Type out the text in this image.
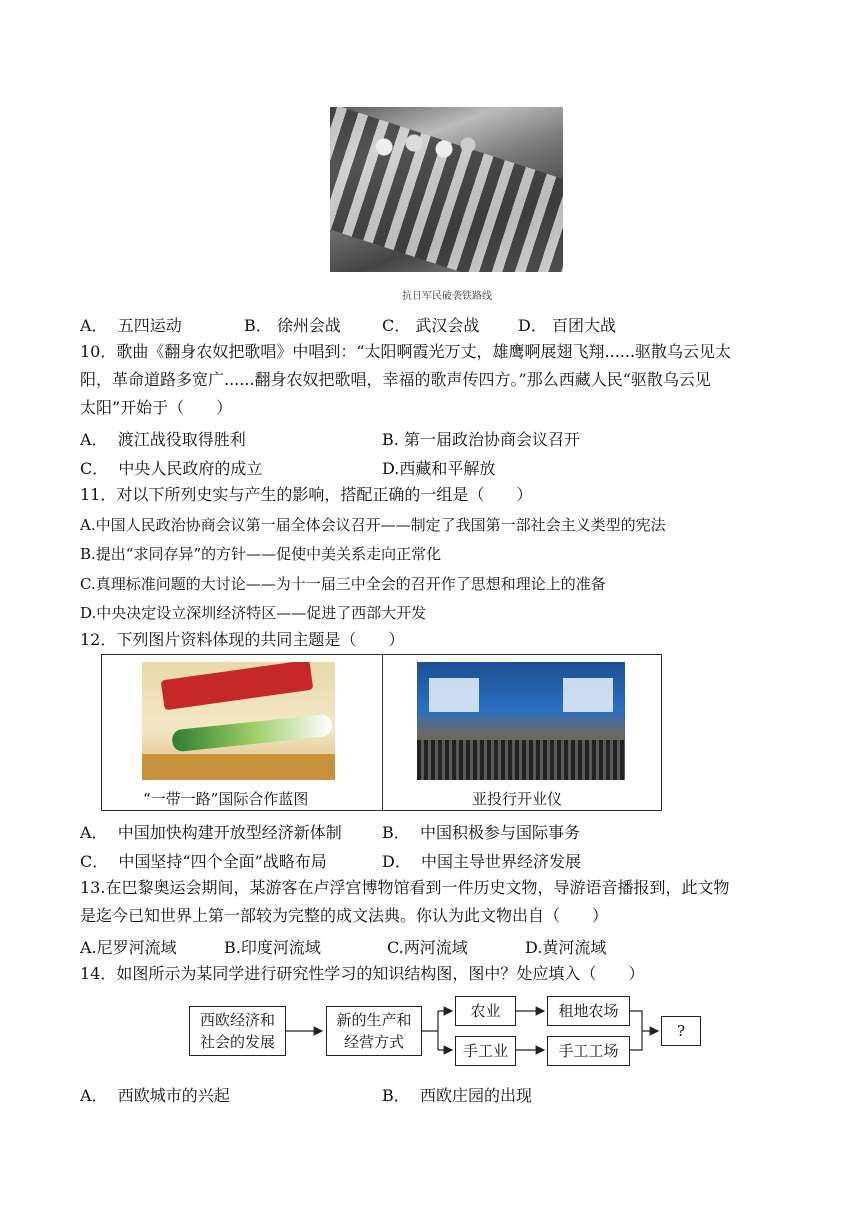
抗日军民破袭铁路线
A． 五四运动	B． 徐州会战	C． 武汉会战 D． 百团大战
10．歌曲《翻身农奴把歌唱》中唱到：“太阳啊霞光万丈，雄鹰啊展翅飞翔......驱散乌云见太
阳，革命道路多宽广......翻身农奴把歌唱，幸福的歌声传四方。”那么西藏人民“驱散乌云见
太阳”开始于（　　）
A． 渡江战役取得胜利	B. 第一届政治协商会议召开
C． 中央人民政府的成立	D.西藏和平解放
11．对以下所列史实与产生的影响，搭配正确的一组是（　　）
A.中国人民政治协商会议第一届全体会议召开——制定了我国第一部社会主义类型的宪法
B.提出“求同存异”的方针——促使中美关系走向正常化
C.真理标准问题的大讨论——为十一届三中全会的召开作了思想和理论上的准备
D.中央决定设立深圳经济特区——促进了西部大开发
12．下列图片资料体现的共同主题是（　　）
“一带一路”国际合作蓝图	亚投行开业仪
A． 中国加快构建开放型经济新体制	B． 中国积极参与国际事务
C． 中国坚持“四个全面”战略布局	D． 中国主导世界经济发展
13.在巴黎奥运会期间，某游客在卢浮宫博物馆看到一件历史文物，导游语音播报到，此文物
是迄今已知世界上第一部较为完整的成文法典。你认为此文物出自（　　）
A.尼罗河流域	B.印度河流域	C.两河流域	D.黄河流域
14．如图所示为某同学进行研究性学习的知识结构图，图中？处应填入（　　）
西欧经济和
社会的发展
新的生产和
经营方式
农业	租地农场
手工业	手工工场
?
A． 西欧城市的兴起	B． 西欧庄园的出现
